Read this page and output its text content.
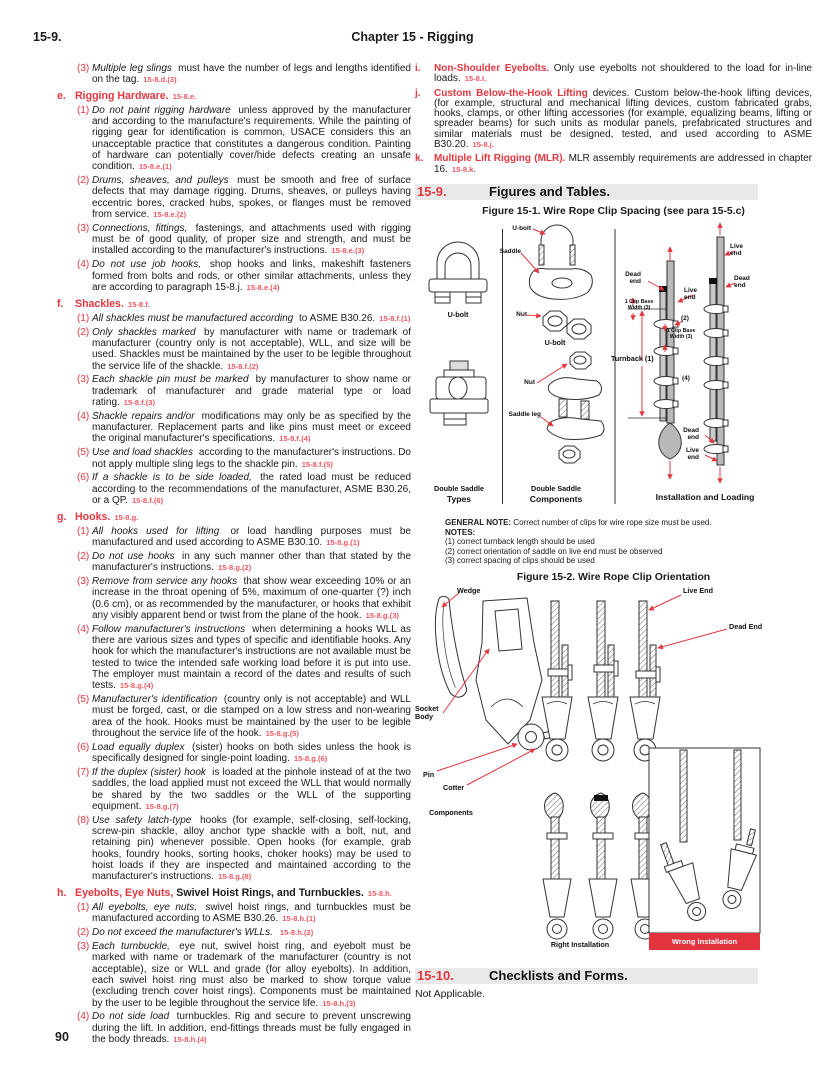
15-9.	Chapter 15 - Rigging
(3) Multiple leg slings must have the number of legs and lengths identified on the tag. 15-8.d.(3)
e. Rigging Hardware. 15-8.e.
(1) Do not paint rigging hardware unless approved by the manufacturer and according to the manufacture's requirements. While the painting of rigging gear for identification is common, USACE considers this an unacceptable practice that constitutes a dangerous condition. Painting of hardware can potentially cover/hide defects creating an unsafe condition. 15-8.e.(1)
(2) Drums, sheaves, and pulleys must be smooth and free of surface defects that may damage rigging. Drums, sheaves, or pulleys having eccentric bores, cracked hubs, spokes, or flanges must be removed from service. 15-8.e.(2)
(3) Connections, fittings, fastenings, and attachments used with rigging must be of good quality, of proper size and strength, and must be installed according to the manufacturer's instructions. 15-8.e.(3)
(4) Do not use job hooks, shop hooks and links, makeshift fasteners formed from bolts and rods, or other similar attachments, unless they are according to paragraph 15-8.j. 15-8.e.(4)
f. Shackles. 15-8.f.
(1) All shackles must be manufactured according to ASME B30.26. 15-8.f.(1)
(2) Only shackles marked by manufacturer with name or trademark of manufacturer (country only is not acceptable), WLL, and size will be used. Shackles must be maintained by the user to be legible throughout the service life of the shackle. 15-8.f.(2)
(3) Each shackle pin must be marked by manufacturer to show name or trademark of manufacturer and grade material type or load rating. 15-8.f.(3)
(4) Shackle repairs and/or modifications may only be as specified by the manufacturer. Replacement parts and like pins must meet or exceed the original manufacturer's specifications. 15-8.f.(4)
(5) Use and load shackles according to the manufacturer's instructions. Do not apply multiple sling legs to the shackle pin. 15-8.f.(5)
(6) If a shackle is to be side loaded, the rated load must be reduced according to the recommendations of the manufacturer, ASME B30.26, or a QP. 15-8.f.(6)
g. Hooks. 15-8.g.
(1) All hooks used for lifting or load handling purposes must be manufactured and used according to ASME B30.10. 15-8.g.(1)
(2) Do not use hooks in any such manner other than that stated by the manufacturer's instructions. 15-8.g.(2)
(3) Remove from service any hooks that show wear exceeding 10% or an increase in the throat opening of 5%, maximum of one-quarter (?) inch (0.6 cm), or as recommended by the manufacturer, or hooks that exhibit any visibly apparent bend or twist from the plane of the hook. 15-8.g.(3)
(4) Follow manufacturer's instructions when determining a hooks WLL as there are various sizes and types of specific and identifiable hooks. Any hook for which the manufacturer's instructions are not available must be tested to twice the intended safe working load before it is put into use. The employer must maintain a record of the dates and results of such tests. 15-8.g.(4)
(5) Manufacturer's identification (country only is not acceptable) and WLL must be forged, cast, or die stamped on a low stress and non-wearing area of the hook. Hooks must be maintained by the user to be legible throughout the service life of the hook. 15-8.g.(5)
(6) Load equally duplex (sister) hooks on both sides unless the hook is specifically designed for single-point loading. 15-8.g.(6)
(7) If the duplex (sister) hook is loaded at the pinhole instead of at the two saddles, the load applied must not exceed the WLL that would normally be shared by the two saddles or the WLL of the supporting equipment. 15-8.g.(7)
(8) Use safety latch-type hooks (for example, self-closing, self-locking, screw-pin shackle, alloy anchor type shackle with a bolt, nut, and retaining pin) whenever possible. Open hooks (for example, grab hooks, foundry hooks, sorting hooks, choker hooks) may be used to hoist loads if they are inspected and maintained according to the manufacturer's instructions. 15-8.g.(8)
h. Eyebolts, Eye Nuts, Swivel Hoist Rings, and Turnbuckles. 15-8.h.
(1) All eyebolts, eye nuts, swivel hoist rings, and turnbuckles must be manufactured according to ASME B30.26. 15-8.h.(1)
(2) Do not exceed the manufacturer's WLLs. 15-8.h.(2)
(3) Each turnbuckle, eye nut, swivel hoist ring, and eyebolt must be marked with name or trademark of the manufacturer (country is not acceptable), size or WLL and grade (for alloy eyebolts). In addition, each swivel hoist ring must also be marked to show torque value (excluding trench cover hoist rings). Components must be maintained by the user to be legible throughout the service life. 15-8.h.(3)
(4) Do not side load turnbuckles. Rig and secure to prevent unscrewing during the lift. In addition, end-fittings threads must be fully engaged in the body threads. 15-8.h.(4)
i. Non-Shoulder Eyebolts. Only use eyebolts not shouldered to the load for in-line loads. 15-8.I.
j. Custom Below-the-Hook Lifting devices. Custom below-the-hook lifting devices, (for example, structural and mechanical lifting devices, custom fabricated grabs, hooks, clamps, or other lifting accessories (for example, equalizing beams, lifting or spreader beams) for such units as modular panels, prefabricated structures and similar materials must be designed, tested, and used according to ASME B30.20. 15-8.j.
k. Multiple Lift Rigging (MLR). MLR assembly requirements are addressed in chapter 16. 15-8.k.
15-9.	Figures and Tables.
Figure 15-1. Wire Rope Clip Spacing (see para 15-5.c)
U-bolt
Double Saddle
Types
U-bolt
Saddle
Nut
U-bolt
Nut
Saddle leg
Double Saddle
Components
Dead end
Live end
1 Clip Base Width (3)
(2)
1 Clip Base Width (3)
Turnback (1)
(4)
Live end
Dead end
Dead end
Live end
Installation and Loading
GENERAL NOTE: Correct number of clips for wire rope size must be used.
NOTES:
(1) correct turnback length should be used
(2) correct orientation of saddle on live end must be observed
(3) correct spacing of clips should be used
Figure 15-2. Wire Rope Clip Orientation
Wedge
Socket Body
Pin
Cotter
Components
Live End
Dead End
Right Installation	Wrong Installation
15-10.	Checklists and Forms.
Not Applicable.
90
